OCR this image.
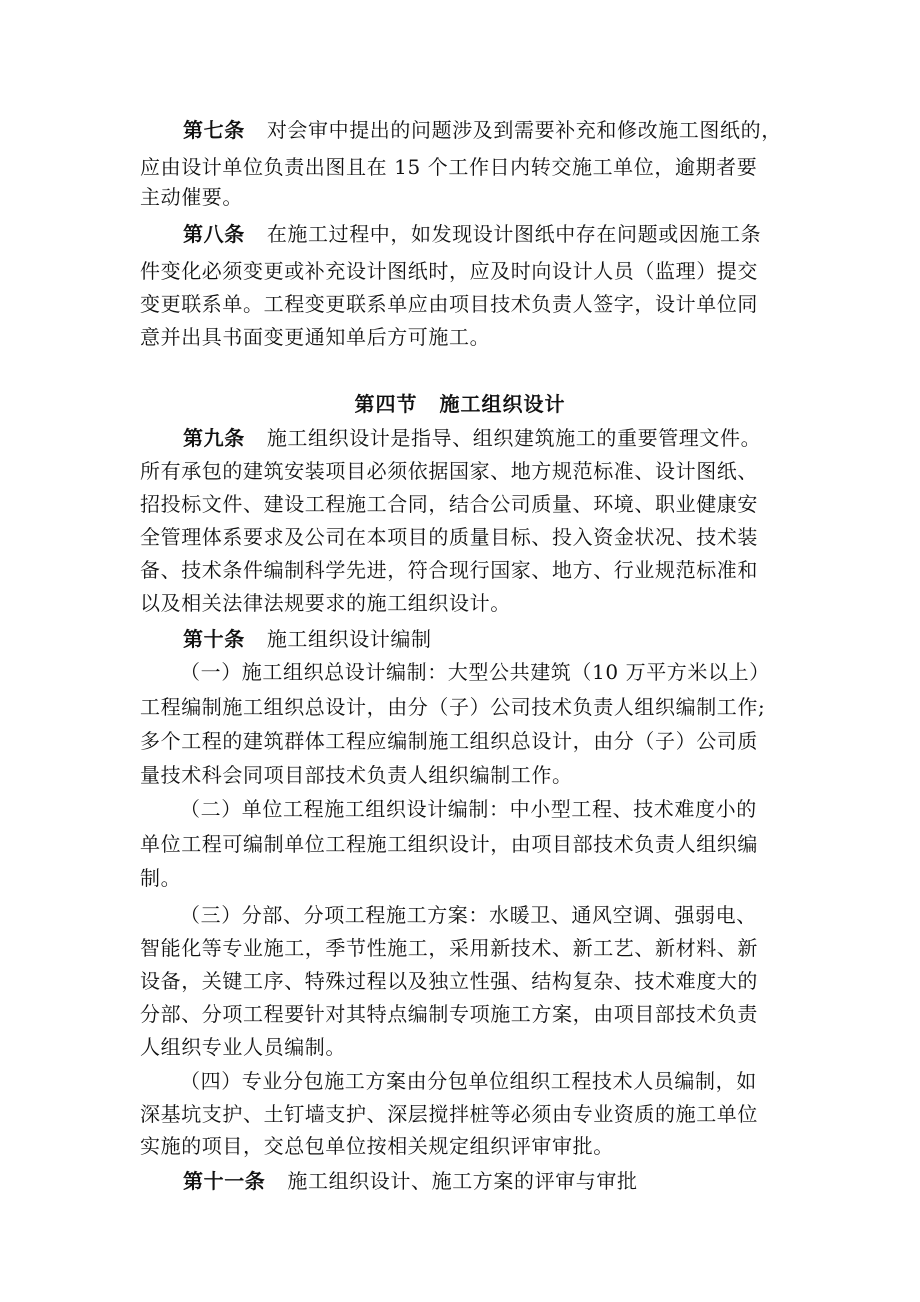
第七条 对会审中提出的问题涉及到需要补充和修改施工图纸的，
应由设计单位负责出图且在 15 个工作日内转交施工单位，逾期者要
主动催要。
第八条 在施工过程中，如发现设计图纸中存在问题或因施工条
件变化必须变更或补充设计图纸时，应及时向设计人员（监理）提交
变更联系单。工程变更联系单应由项目技术负责人签字，设计单位同
意并出具书面变更通知单后方可施工。
第四节 施工组织设计
第九条 施工组织设计是指导、组织建筑施工的重要管理文件。
所有承包的建筑安装项目必须依据国家、地方规范标准、设计图纸、
招投标文件、建设工程施工合同，结合公司质量、环境、职业健康安
全管理体系要求及公司在本项目的质量目标、投入资金状况、技术装
备、技术条件编制科学先进，符合现行国家、地方、行业规范标准和
以及相关法律法规要求的施工组织设计。
第十条 施工组织设计编制
（一）施工组织总设计编制：大型公共建筑（10 万平方米以上）
工程编制施工组织总设计，由分（子）公司技术负责人组织编制工作;
多个工程的建筑群体工程应编制施工组织总设计，由分（子）公司质
量技术科会同项目部技术负责人组织编制工作。
（二）单位工程施工组织设计编制：中小型工程、技术难度小的
单位工程可编制单位工程施工组织设计，由项目部技术负责人组织编
制。
（三）分部、分项工程施工方案：水暖卫、通风空调、强弱电、
智能化等专业施工，季节性施工，采用新技术、新工艺、新材料、新
设备，关键工序、特殊过程以及独立性强、结构复杂、技术难度大的
分部、分项工程要针对其特点编制专项施工方案，由项目部技术负责
人组织专业人员编制。
（四）专业分包施工方案由分包单位组织工程技术人员编制，如
深基坑支护、土钉墙支护、深层搅拌桩等必须由专业资质的施工单位
实施的项目，交总包单位按相关规定组织评审审批。
第十一条 施工组织设计、施工方案的评审与审批
